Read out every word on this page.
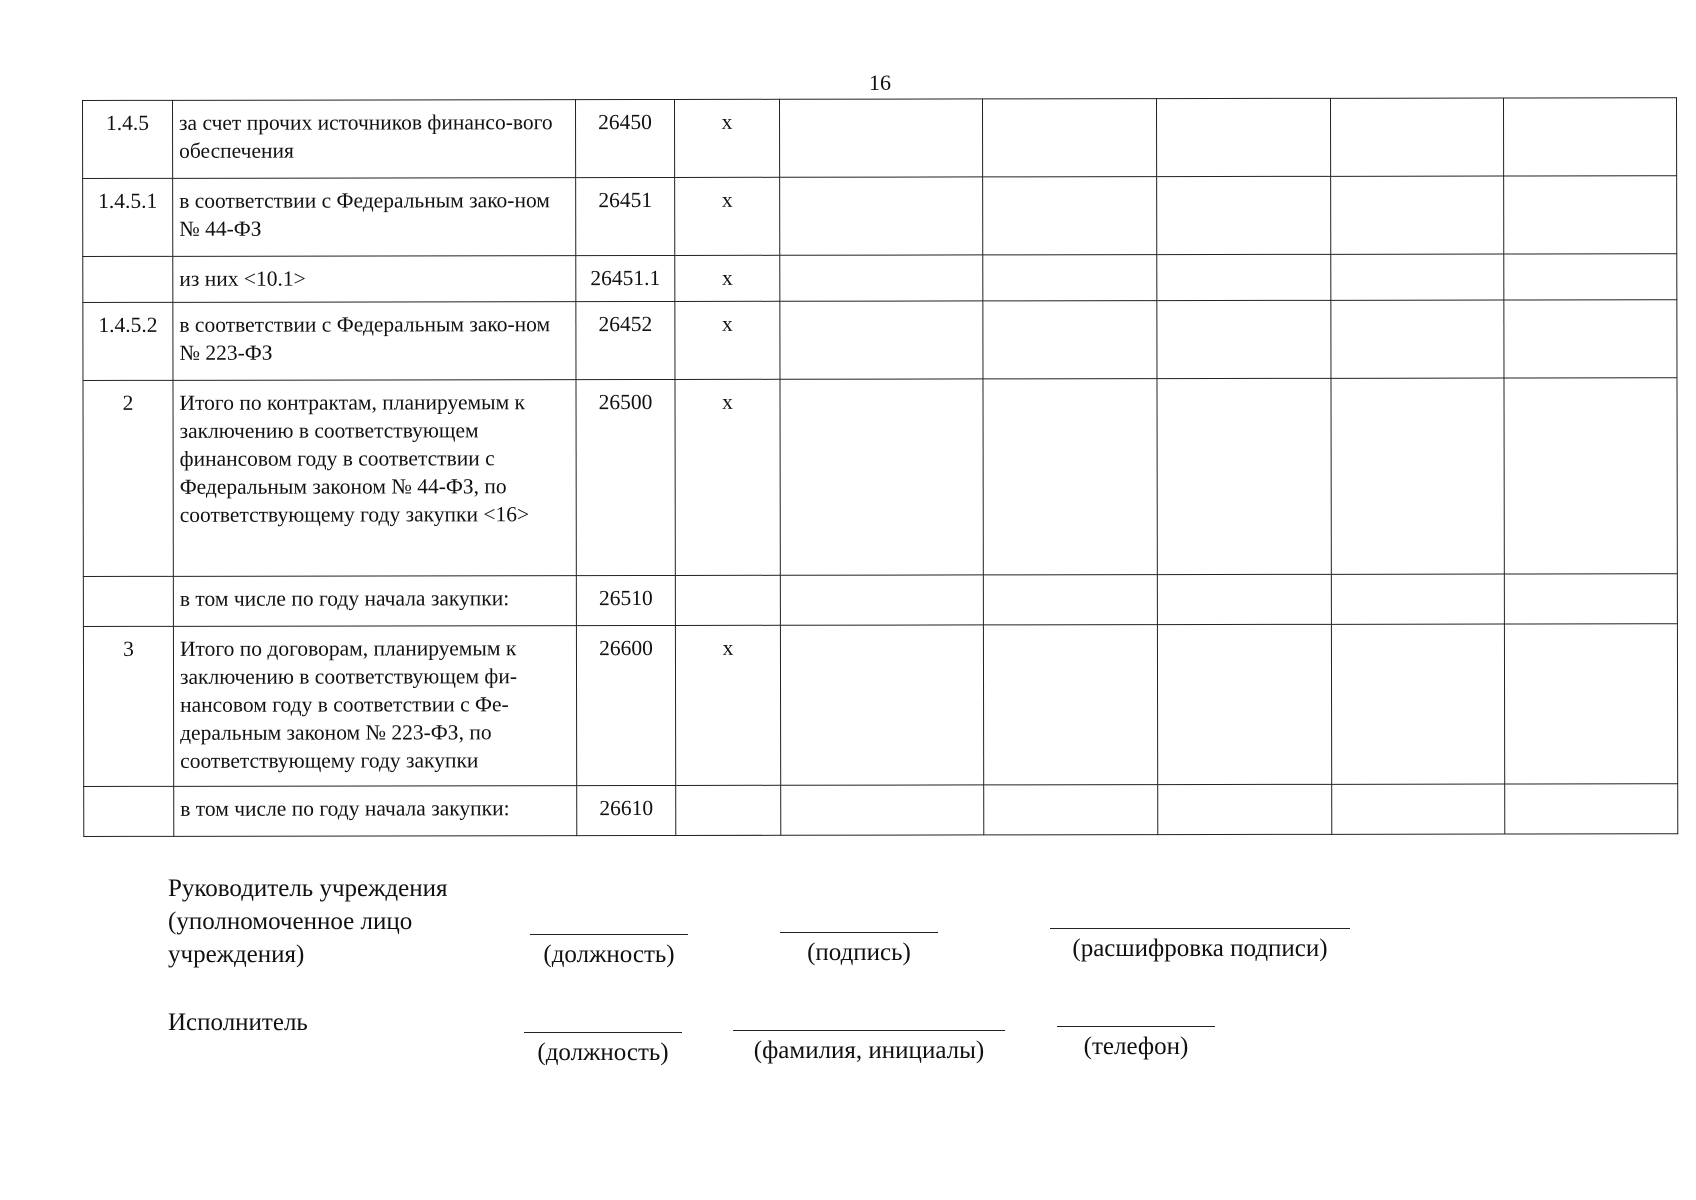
16
1.4.5	за счет прочих источников финансо-вого обеспечения	26450	x					
1.4.5.1	в соответствии с Федеральным зако-ном № 44-ФЗ	26451	x					
	из них <10.1>	26451.1	x					
1.4.5.2	в соответствии с Федеральным зако-ном № 223-ФЗ	26452	x					
2	Итого по контрактам, планируемым к заключению в соответствующем финансовом году в соответствии с Федеральным законом № 44-ФЗ, по соответствующему году закупки <16>	26500	x					
	в том числе по году начала закупки:	26510						
3	Итого по договорам, планируемым к заключению в соответствующем фи-нансовом году в соответствии с Фе-деральным законом № 223-ФЗ, по соответствующему году закупки	26600	x					
	в том числе по году начала закупки:	26610						
Руководитель учреждения (уполномоченное лицо учреждения)	(должность)	(подпись)	(расшифровка подписи)
Исполнитель
(должность)	(фамилия, инициалы)	(телефон)
